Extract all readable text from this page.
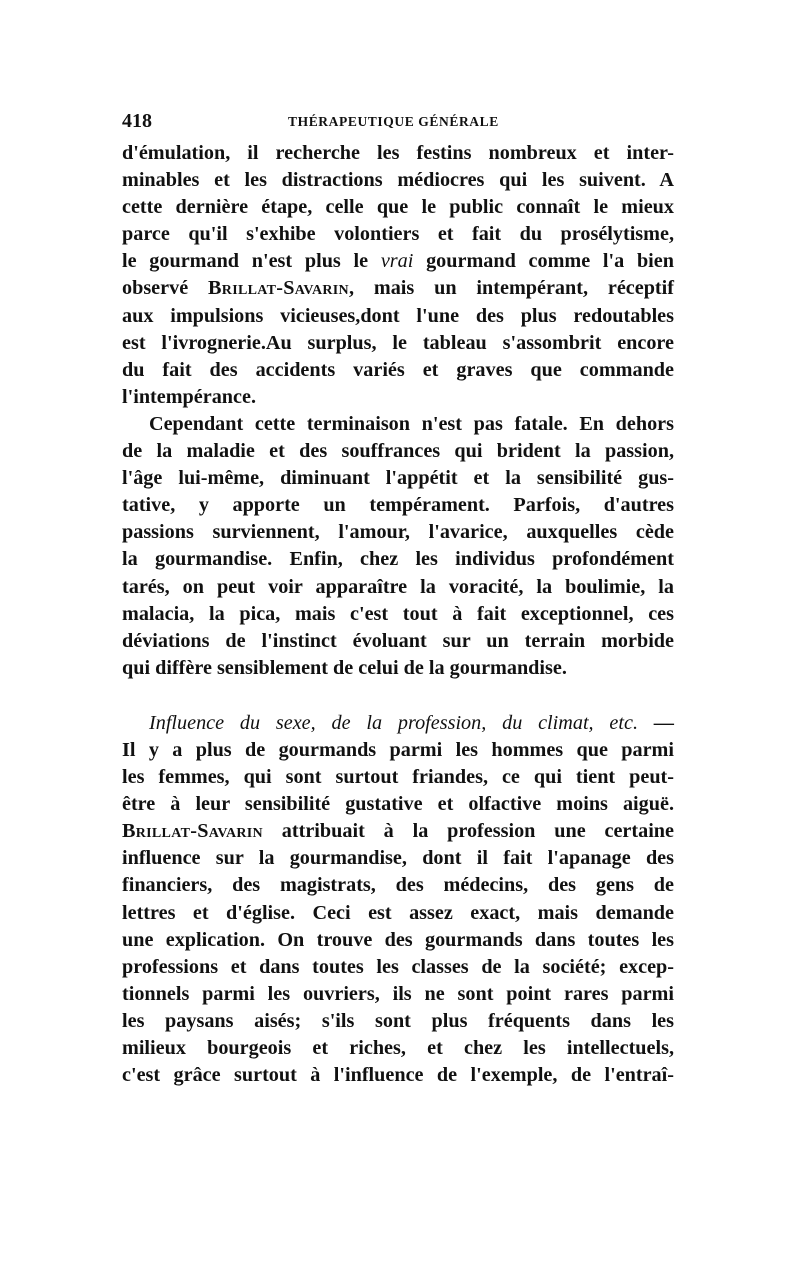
418	THÉRAPEUTIQUE GÉNÉRALE
d'émulation, il recherche les festins nombreux et inter-
minables et les distractions médiocres qui les suivent. A
cette dernière étape, celle que le public connaît le mieux
parce qu'il s'exhibe volontiers et fait du prosélytisme,
le gourmand n'est plus le vrai gourmand comme l'a bien
observé Brillat-Savarin, mais un intempérant, réceptif
aux impulsions vicieuses,dont l'une des plus redoutables
est l'ivrognerie.Au surplus, le tableau s'assombrit encore
du fait des accidents variés et graves que commande
l'intempérance.
Cependant cette terminaison n'est pas fatale. En dehors
de la maladie et des souffrances qui brident la passion,
l'âge lui-même, diminuant l'appétit et la sensibilité gus-
tative, y apporte un tempérament. Parfois, d'autres
passions surviennent, l'amour, l'avarice, auxquelles cède
la gourmandise. Enfin, chez les individus profondément
tarés, on peut voir apparaître la voracité, la boulimie, la
malacia, la pica, mais c'est tout à fait exceptionnel, ces
déviations de l'instinct évoluant sur un terrain morbide
qui diffère sensiblement de celui de la gourmandise.
Influence du sexe, de la profession, du climat, etc. —
Il y a plus de gourmands parmi les hommes que parmi
les femmes, qui sont surtout friandes, ce qui tient peut-
être à leur sensibilité gustative et olfactive moins aiguë.
Brillat-Savarin attribuait à la profession une certaine
influence sur la gourmandise, dont il fait l'apanage des
financiers, des magistrats, des médecins, des gens de
lettres et d'église. Ceci est assez exact, mais demande
une explication. On trouve des gourmands dans toutes les
professions et dans toutes les classes de la société; excep-
tionnels parmi les ouvriers, ils ne sont point rares parmi
les paysans aisés; s'ils sont plus fréquents dans les
milieux bourgeois et riches, et chez les intellectuels,
c'est grâce surtout à l'influence de l'exemple, de l'entraî-
